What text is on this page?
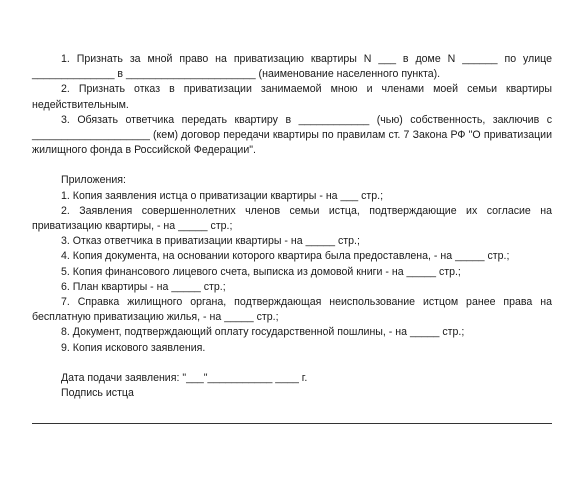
1. Признать за мной право на приватизацию квартиры N ___ в доме N ______ по улице ______________ в ______________________ (наименование населенного пункта).

2. Признать отказ в приватизации занимаемой мною и членами моей семьи квартиры недействительным.

3. Обязать ответчика передать квартиру в ____________ (чью) собственность, заключив с ____________________ (кем) договор передачи квартиры по правилам ст. 7 Закона РФ "О приватизации жилищного фонда в Российской Федерации".

Приложения:

1. Копия заявления истца о приватизации квартиры - на ___ стр.;

2. Заявления совершеннолетних членов семьи истца, подтверждающие их согласие на приватизацию квартиры, - на _____ стр.;

3. Отказ ответчика в приватизации квартиры - на _____ стр.;

4. Копия документа, на основании которого квартира была предоставлена, - на _____ стр.;

5. Копия финансового лицевого счета, выписка из домовой книги - на _____ стр.;

6. План квартиры - на _____ стр.;

7. Справка жилищного органа, подтверждающая неиспользование истцом ранее права на бесплатную приватизацию жилья, - на _____ стр.;

8. Документ, подтверждающий оплату государственной пошлины, - на _____ стр.;

9. Копия искового заявления.

Дата подачи заявления: "___"___________ ____ г.

Подпись истца
